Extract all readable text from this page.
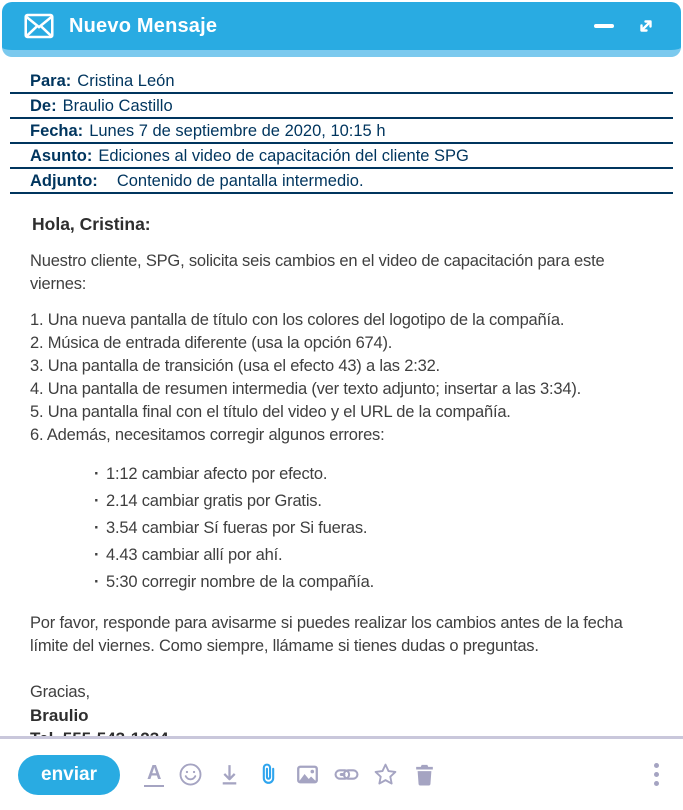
Nuevo Mensaje
Para: Cristina León
De: Braulio Castillo
Fecha: Lunes 7 de septiembre de 2020, 10:15 h
Asunto: Ediciones al video de capacitación del cliente SPG
Adjunto: Contenido de pantalla intermedio.

Hola, Cristina:

Nuestro cliente, SPG, solicita seis cambios en el video de capacitación para este viernes:

1. Una nueva pantalla de título con los colores del logotipo de la compañía.
2. Música de entrada diferente (usa la opción 674).
3. Una pantalla de transición (usa el efecto 43) a las 2:32.
4. Una pantalla de resumen intermedia (ver texto adjunto; insertar a las 3:34).
5. Una pantalla final con el título del video y el URL de la compañía.
6. Además, necesitamos corregir algunos errores:
· 1:12 cambiar afecto por efecto.
· 2.14 cambiar gratis por Gratis.
· 3.54 cambiar Sí fueras por Si fueras.
· 4.43 cambiar allí por ahí.
· 5:30 corregir nombre de la compañía.

Por favor, responde para avisarme si puedes realizar los cambios antes de la fecha límite del viernes. Como siempre, llámame si tienes dudas o preguntas.

Gracias,

Braulio

enviar	A
